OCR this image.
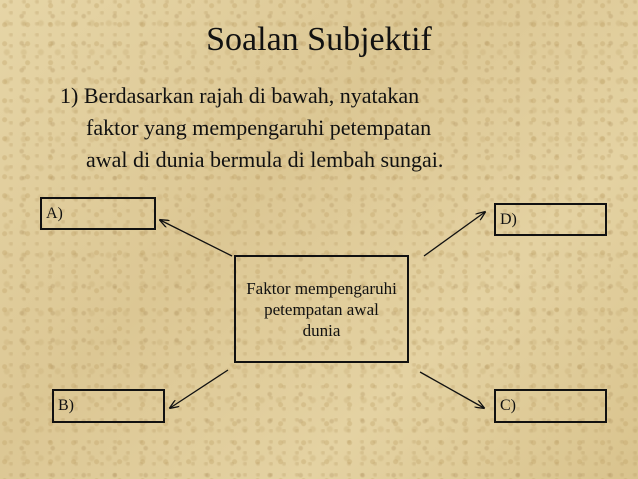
Soalan Subjektif
1) Berdasarkan rajah di bawah, nyatakan
faktor yang mempengaruhi petempatan
awal di dunia bermula di lembah sungai.
A)	D)
B)	C)
Faktor mempengaruhi petempatan awal dunia
